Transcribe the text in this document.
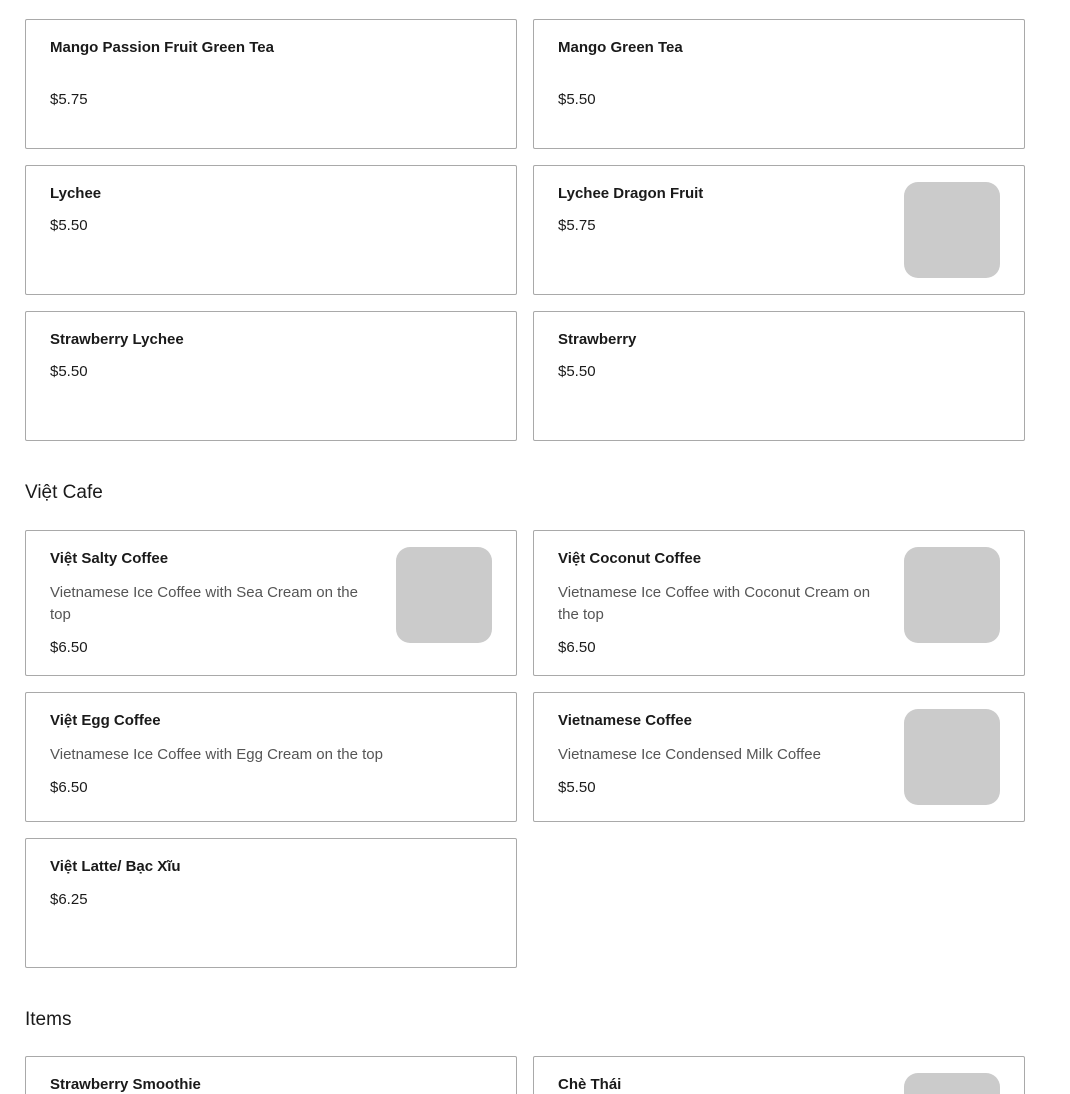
Mango Passion Fruit Green Tea
$5.75
Mango Green Tea
$5.50
Lychee
$5.50
Lychee Dragon Fruit
$5.75
Strawberry Lychee
$5.50
Strawberry
$5.50
Việt Cafe
Việt Salty Coffee
Vietnamese Ice Coffee with Sea Cream on the top
$6.50
Việt Coconut Coffee
Vietnamese Ice Coffee with Coconut Cream on the top
$6.50
Việt Egg Coffee
Vietnamese Ice Coffee with Egg Cream on the top
$6.50
Vietnamese Coffee
Vietnamese Ice Condensed Milk Coffee
$5.50
Việt Latte/ Bạc Xĩu
$6.25
Items
Strawberry Smoothie	Chè Thái
